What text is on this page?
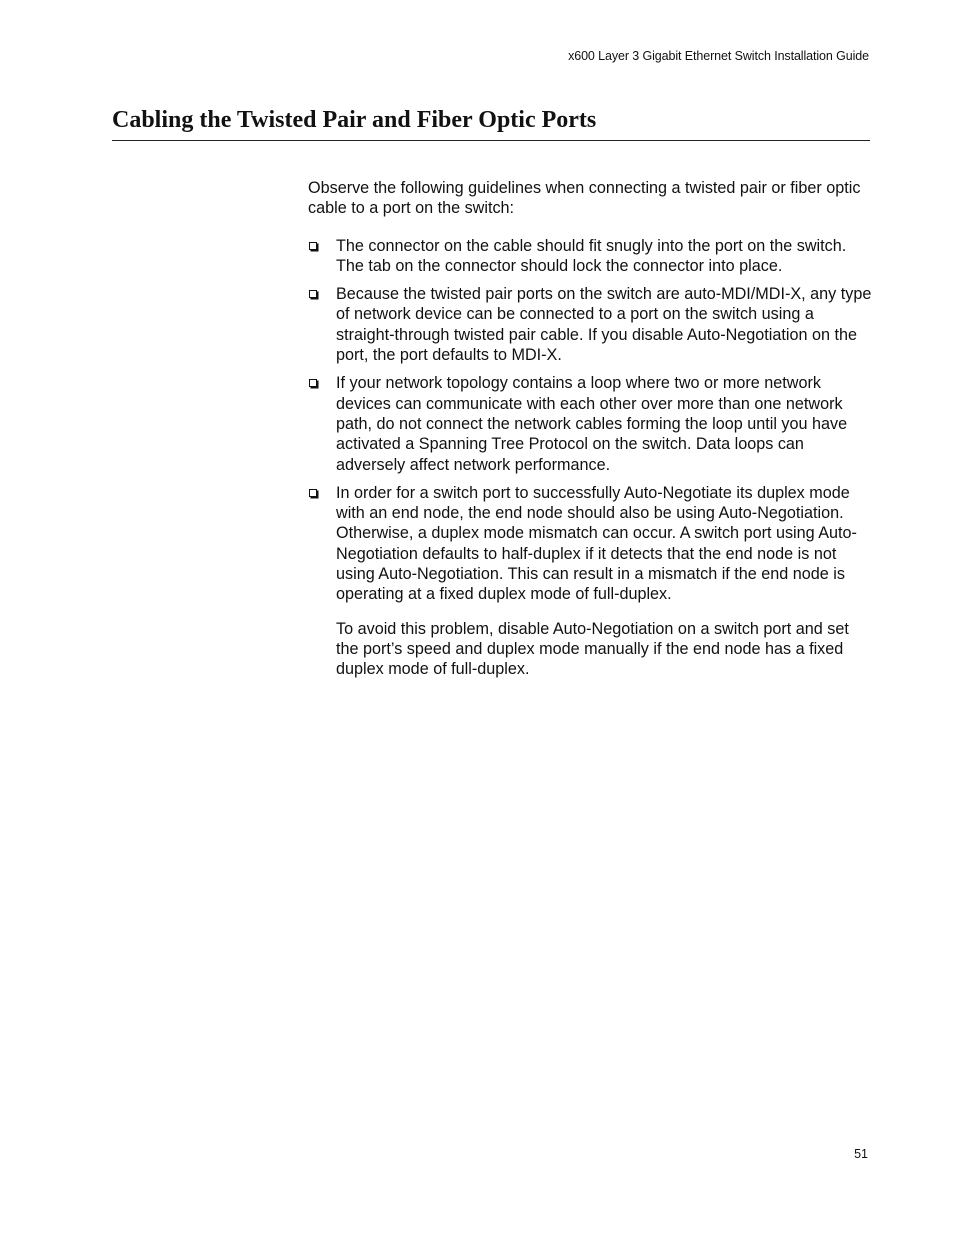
x600 Layer 3 Gigabit Ethernet Switch Installation Guide
Cabling the Twisted Pair and Fiber Optic Ports

Observe the following guidelines when connecting a twisted pair or fiber optic cable to a port on the switch:

The connector on the cable should fit snugly into the port on the switch. The tab on the connector should lock the connector into place.
Because the twisted pair ports on the switch are auto-MDI/MDI-X, any type of network device can be connected to a port on the switch using a straight-through twisted pair cable. If you disable Auto-Negotiation on the port, the port defaults to MDI-X.
If your network topology contains a loop where two or more network devices can communicate with each other over more than one network path, do not connect the network cables forming the loop until you have activated a Spanning Tree Protocol on the switch. Data loops can adversely affect network performance.
In order for a switch port to successfully Auto-Negotiate its duplex mode with an end node, the end node should also be using Auto-Negotiation. Otherwise, a duplex mode mismatch can occur. A switch port using Auto-Negotiation defaults to half-duplex if it detects that the end node is not using Auto-Negotiation. This can result in a mismatch if the end node is operating at a fixed duplex mode of full-duplex.

To avoid this problem, disable Auto-Negotiation on a switch port and set the port’s speed and duplex mode manually if the end node has a fixed duplex mode of full-duplex.

51
